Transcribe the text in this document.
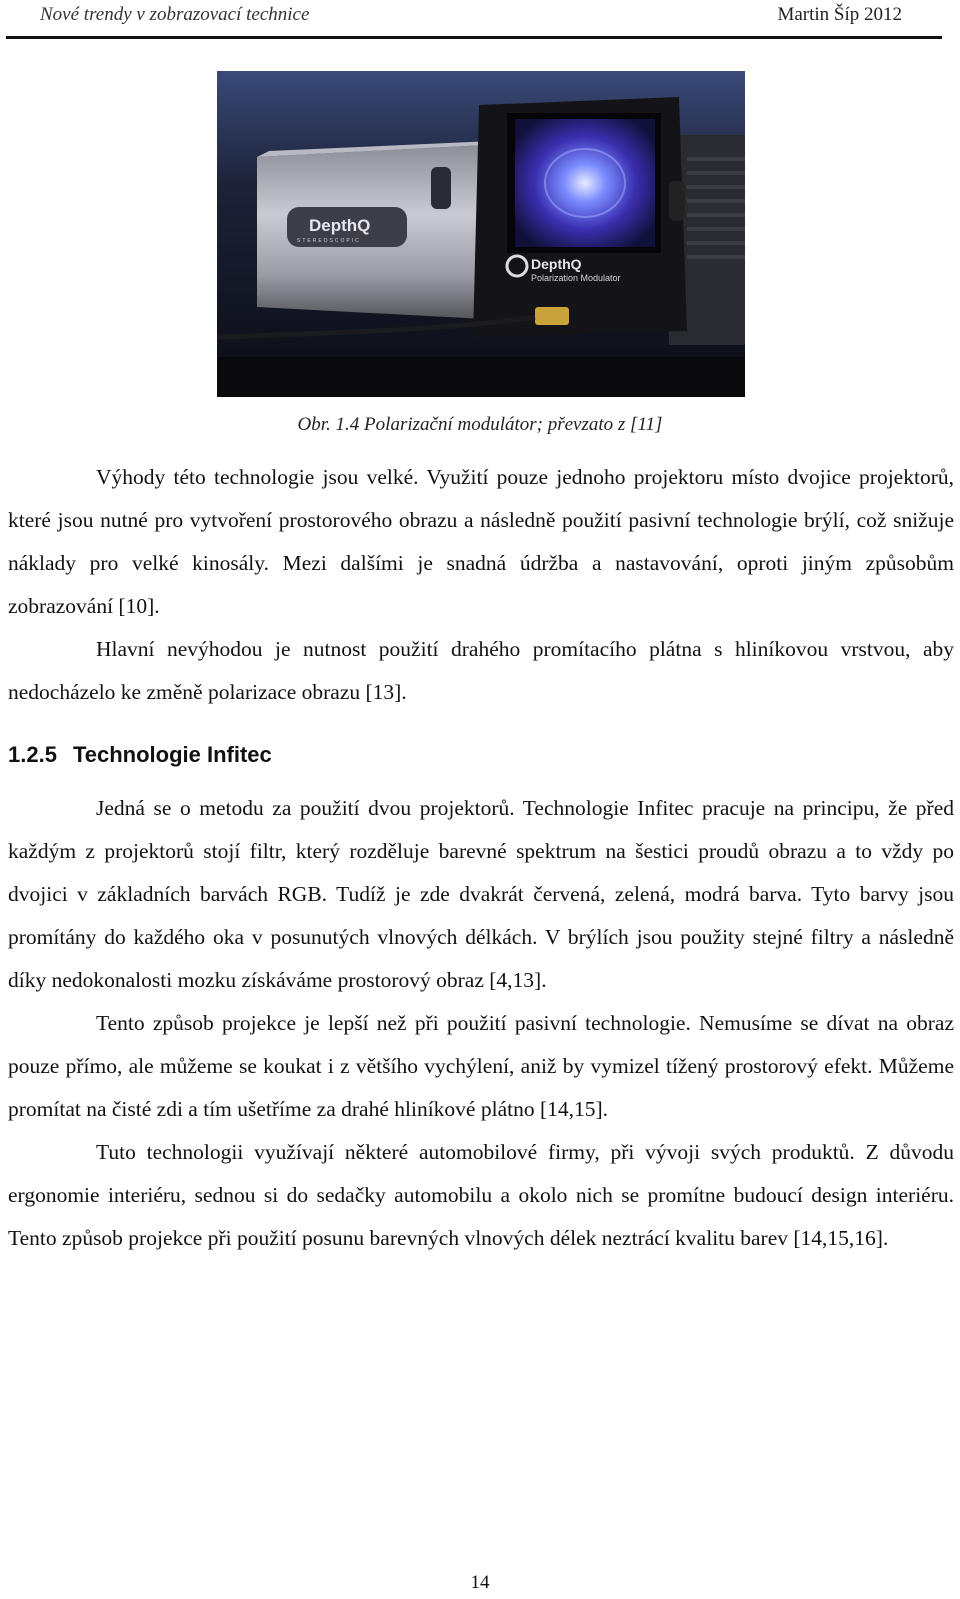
Nové trendy v zobrazovací technice	Martin Šíp 2012
DepthQ
STEREOSCOPIC
DepthQ
Polarization Modulator
Obr. 1.4 Polarizační modulátor; převzato z [11]

Výhody této technologie jsou velké. Využití pouze jednoho projektoru místo dvojice projektorů, které jsou nutné pro vytvoření prostorového obrazu a následně použití pasivní technologie brýlí, což snižuje náklady pro velké kinosály. Mezi dalšími je snadná údržba a nastavování, oproti jiným způsobům zobrazování [10].

Hlavní nevýhodou je nutnost použití drahého promítacího plátna s hliníkovou vrstvou, aby nedocházelo ke změně polarizace obrazu [13].

1.2.5 Technologie Infitec

Jedná se o metodu za použití dvou projektorů. Technologie Infitec pracuje na principu, že před každým z projektorů stojí filtr, který rozděluje barevné spektrum na šestici proudů obrazu a to vždy po dvojici v základních barvách RGB. Tudíž je zde dvakrát červená, zelená, modrá barva. Tyto barvy jsou promítány do každého oka v posunutých vlnových délkách. V brýlích jsou použity stejné filtry a následně díky nedokonalosti mozku získáváme prostorový obraz [4,13].

Tento způsob projekce je lepší než při použití pasivní technologie. Nemusíme se dívat na obraz pouze přímo, ale můžeme se koukat i z většího vychýlení, aniž by vymizel tížený prostorový efekt. Můžeme promítat na čisté zdi a tím ušetříme za drahé hliníkové plátno [14,15].

Tuto technologii využívají některé automobilové firmy, při vývoji svých produktů. Z důvodu ergonomie interiéru, sednou si do sedačky automobilu a okolo nich se promítne budoucí design interiéru. Tento způsob projekce při použití posunu barevných vlnových délek neztrácí kvalitu barev [14,15,16].

14
